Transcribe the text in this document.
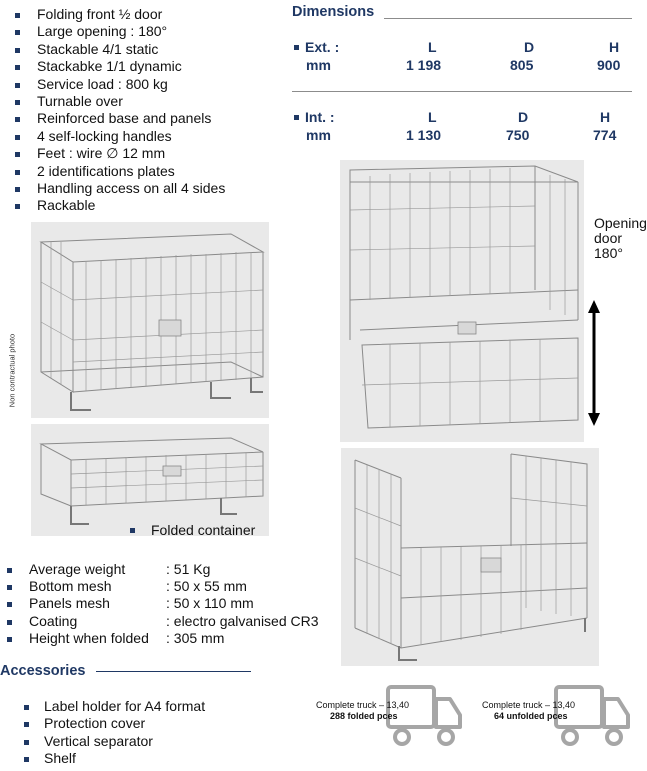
Folding front ½ door
Large opening : 180°
Stackable 4/1 static
Stackabke 1/1 dynamic
Service load : 800 kg
Turnable over
Reinforced base and panels
4 self-locking handles
Feet : wire ∅ 12 mm
2 identifications plates
Handling access on all 4 sides
Rackable
Dimensions
Ext. :	L	D	H
mm	1 198	805	900
Int. :	L	D	H
mm	1 130	750	774
Non contractual photo
Folded container
Opening
door
180°
Average weight	: 51 Kg
Bottom mesh	: 50 x 55 mm
Panels mesh	: 50 x 110 mm
Coating	: electro galvanised CR3
Height when folded : 305 mm
Accessories
Label holder for A4 format
Protection cover
Vertical separator
Shelf
Complete truck – 13,40
288 folded pces
Complete truck – 13,40
64 unfolded pces
